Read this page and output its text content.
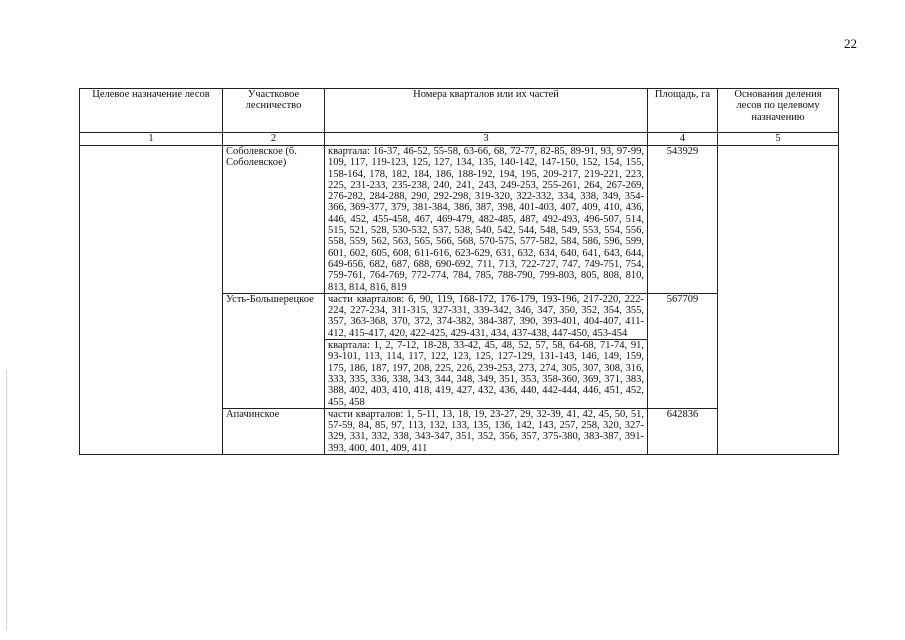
22
Целевое назначение лесов	Участковое лесничество	Номера кварталов или их частей	Площадь, га	Основания деления лесов по целевому назначению
1	2	3	4	5
	Соболевское (б. Соболевское)	квартала: 16-37, 46-52, 55-58, 63-66, 68, 72-77, 82-85, 89-91, 93, 97-99, 109, 117, 119-123, 125, 127, 134, 135, 140-142, 147-150, 152, 154, 155, 158-164, 178, 182, 184, 186, 188-192, 194, 195, 209-217, 219-221, 223, 225, 231-233, 235-238, 240, 241, 243, 249-253, 255-261, 264, 267-269, 276-282, 284-288, 290, 292-298, 319-320, 322-332, 334, 338, 349, 354-366, 369-377, 379, 381-384, 386, 387, 398, 401-403, 407, 409, 410, 436, 446, 452, 455-458, 467, 469-479, 482-485, 487, 492-493, 496-507, 514, 515, 521, 528, 530-532, 537, 538, 540, 542, 544, 548, 549, 553, 554, 556, 558, 559, 562, 563, 565, 566, 568, 570-575, 577-582, 584, 586, 596, 599, 601, 602, 605, 608, 611-616, 623-629, 631, 632, 634, 640, 641, 643, 644, 649-656, 682, 687, 688, 690-692, 711, 713, 722-727, 747, 749-751, 754, 759-761, 764-769, 772-774, 784, 785, 788-790, 799-803, 805, 808, 810, 813, 814, 816, 819	543929	
	Усть-Большерецкое	части кварталов: 6, 90, 119, 168-172, 176-179, 193-196, 217-220, 222-224, 227-234, 311-315, 327-331, 339-342, 346, 347, 350, 352, 354, 355, 357, 363-368, 370, 372, 374-382, 384-387, 390, 393-401, 404-407, 411-412, 415-417, 420, 422-425, 429-431, 434, 437-438, 447-450, 453-454	567709	
		квартала: 1, 2, 7-12, 18-28, 33-42, 45, 48, 52, 57, 58, 64-68, 71-74, 91, 93-101, 113, 114, 117, 122, 123, 125, 127-129, 131-143, 146, 149, 159, 175, 186, 187, 197, 208, 225, 226, 239-253, 273, 274, 305, 307, 308, 316, 333, 335, 336, 338, 343, 344, 348, 349, 351, 353, 358-360, 369, 371, 383, 388, 402, 403, 410, 418, 419, 427, 432, 436, 440, 442-444, 446, 451, 452, 455, 458		
	Апачинское	части кварталов: 1, 5-11, 13, 18, 19, 23-27, 29, 32-39, 41, 42, 45, 50, 51, 57-59, 84, 85, 97, 113, 132, 133, 135, 136, 142, 143, 257, 258, 320, 327-329, 331, 332, 338, 343-347, 351, 352, 356, 357, 375-380, 383-387, 391-393, 400, 401, 409, 411	642836	
